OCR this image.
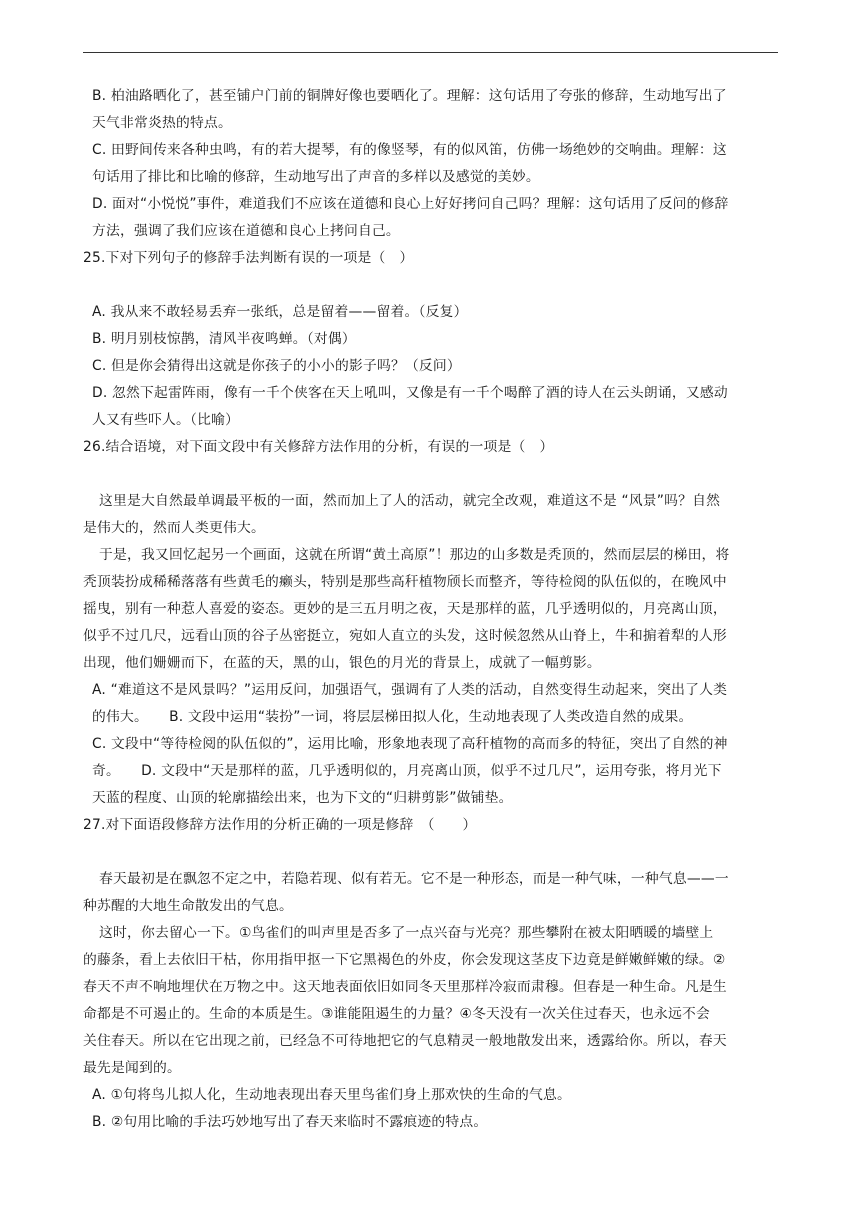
B. 柏油路晒化了，甚至铺户门前的铜牌好像也要晒化了。理解：这句话用了夸张的修辞，生动地写出了
天气非常炎热的特点。
C. 田野间传来各种虫鸣，有的若大提琴，有的像竖琴，有的似风笛，仿佛一场绝妙的交响曲。理解：这
句话用了排比和比喻的修辞，生动地写出了声音的多样以及感觉的美妙。
D. 面对“小悦悦”事件，难道我们不应该在道德和良心上好好拷问自己吗？理解：这句话用了反问的修辞
方法，强调了我们应该在道德和良心上拷问自己。
25.下对下列句子的修辞手法判断有误的一项是（　）
A. 我从来不敢轻易丢弃一张纸，总是留着——留着。（反复）
B. 明月别枝惊鹊，清风半夜鸣蝉。（对偶）
C. 但是你会猜得出这就是你孩子的小小的影子吗？（反问）
D. 忽然下起雷阵雨，像有一千个侠客在天上吼叫，又像是有一千个喝醉了酒的诗人在云头朗诵，又感动
人又有些吓人。（比喻）
26.结合语境，对下面文段中有关修辞方法作用的分析，有误的一项是（　）
这里是大自然最单调最平板的一面，然而加上了人的活动，就完全改观，难道这不是 “风景”吗？自然
是伟大的，然而人类更伟大。
于是，我又回忆起另一个画面，这就在所谓“黄土高原”！那边的山多数是秃顶的，然而层层的梯田，将
秃顶装扮成稀稀落落有些黄毛的癞头，特别是那些高秆植物颀长而整齐，等待检阅的队伍似的，在晚风中
摇曳，别有一种惹人喜爱的姿态。更妙的是三五月明之夜，天是那样的蓝，几乎透明似的，月亮离山顶，
似乎不过几尺，远看山顶的谷子丛密挺立，宛如人直立的头发，这时候忽然从山脊上，牛和掮着犁的人形
出现，他们姗姗而下，在蓝的天，黑的山，银色的月光的背景上，成就了一幅剪影。
A. “难道这不是风景吗？”运用反问，加强语气，强调有了人类的活动，自然变得生动起来，突出了人类
的伟大。　　B. 文段中运用“装扮”一词，将层层梯田拟人化，生动地表现了人类改造自然的成果。
C. 文段中“等待检阅的队伍似的”，运用比喻，形象地表现了高秆植物的高而多的特征，突出了自然的神
奇。　　D. 文段中“天是那样的蓝，几乎透明似的，月亮离山顶，似乎不过几尺”，运用夸张，将月光下
天蓝的程度、山顶的轮廓描绘出来，也为下文的“归耕剪影”做铺垫。
27.对下面语段修辞方法作用的分析正确的一项是修辞　（　　）
春天最初是在飘忽不定之中，若隐若现、似有若无。它不是一种形态，而是一种气味，一种气息——一
种苏醒的大地生命散发出的气息。
这时，你去留心一下。①鸟雀们的叫声里是否多了一点兴奋与光亮？那些攀附在被太阳晒暖的墙壁上
的藤条，看上去依旧干枯，你用指甲抠一下它黑褐色的外皮，你会发现这茎皮下边竟是鲜嫩鲜嫩的绿。②
春天不声不响地埋伏在万物之中。这天地表面依旧如同冬天里那样冷寂而肃穆。但春是一种生命。凡是生
命都是不可遏止的。生命的本质是生。③谁能阻遏生的力量？④冬天没有一次关住过春天，也永远不会
关住春天。所以在它出现之前，已经急不可待地把它的气息精灵一般地散发出来，透露给你。所以，春天
最先是闻到的。
A. ①句将鸟儿拟人化，生动地表现出春天里鸟雀们身上那欢快的生命的气息。
B. ②句用比喻的手法巧妙地写出了春天来临时不露痕迹的特点。
